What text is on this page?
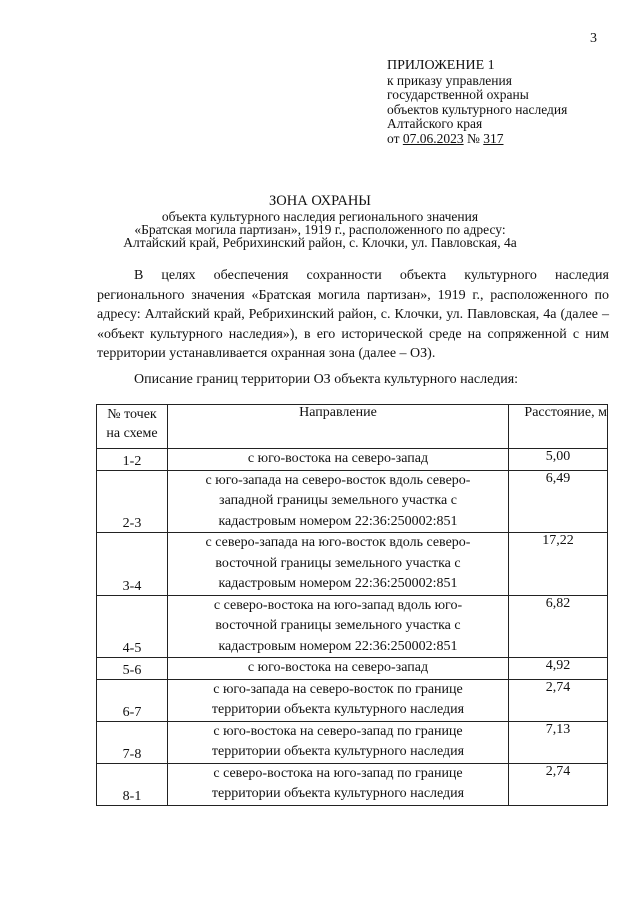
3
ПРИЛОЖЕНИЕ 1
к приказу управления
государственной охраны
объектов культурного наследия
Алтайского края
от 07.06.2023 № 317
ЗОНА ОХРАНЫ
объекта культурного наследия регионального значения
«Братская могила партизан», 1919 г., расположенного по адресу:
Алтайский край, Ребрихинский район, с. Клочки, ул. Павловская, 4а

В целях обеспечения сохранности объекта культурного наследия регионального значения «Братская могила партизан», 1919 г., расположенного по адресу: Алтайский край, Ребрихинский район, с. Клочки, ул. Павловская, 4а (далее – «объект культурного наследия»), в его исторической среде на сопряженной с ним территории устанавливается охранная зона (далее – ОЗ).

Описание границ территории ОЗ объекта культурного наследия:
№ точек
на схеме	Направление	Расстояние, м
1-2	с юго-востока на северо-запад	5,00
2-3	с юго-запада на северо-восток вдоль северо-
западной границы земельного участка с
кадастровым номером 22:36:250002:851	6,49
3-4	с северо-запада на юго-восток вдоль северо-
восточной границы земельного участка с
кадастровым номером 22:36:250002:851	17,22
4-5	с северо-востока на юго-запад вдоль юго-
восточной границы земельного участка с
кадастровым номером 22:36:250002:851	6,82
5-6	с юго-востока на северо-запад	4,92
6-7	с юго-запада на северо-восток по границе
территории объекта культурного наследия	2,74
7-8	с юго-востока на северо-запад по границе
территории объекта культурного наследия	7,13
8-1	с северо-востока на юго-запад по границе
территории объекта культурного наследия	2,74
